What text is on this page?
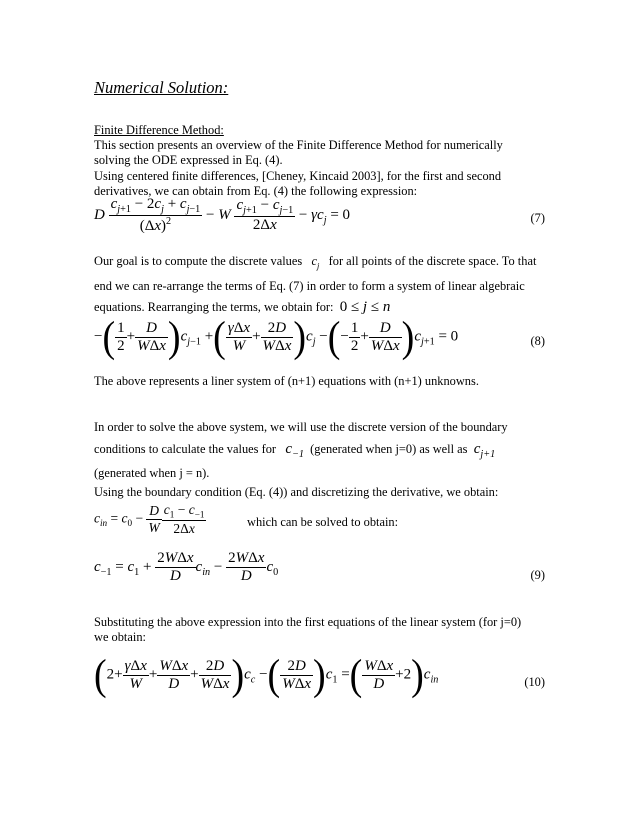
Numerical Solution:
Finite Difference Method:
This section presents an overview of the Finite Difference Method for numerically
solving the ODE expressed in Eq. (4).
Using centered finite differences, [Cheney, Kincaid 2003], for the first and second
derivatives, we can obtain from Eq. (4) the following expression:
D $\frac{c_{j+1} - 2c_j + c_{j-1}}{(\Delta x)^2} - W \frac{c_{j+1} - c_{j-1}}{2\Delta x} - \gamma c_j = 0$	(7)
Our goal is to compute the discrete values $c_j$ for all points of the discrete space. To that
end we can re-arrange the terms of Eq. (7) in order to form a system of linear algebraic
equations. Rearranging the terms, we obtain for: 0 ≤ j ≤ n
−( $\frac{1}{2} + \frac{D}{\text{WΔx}} )c_{j-1}$ +( $\frac{\text{γΔx}}{W} + \frac{2D}{\text{WΔx}} )c_j$ −(− $\frac{1}{2} + \frac{D}{\text{WΔx}} )c_{j+1} = 0$	(8)
The above represents a liner system of (n+1) equations with (n+1) unknowns.
In order to solve the above system, we will use the discrete version of the boundary
conditions to calculate the values for $c_{-1}$ (generated when j=0) as well as $c_{j+1}$
(generated when j = n).
Using the boundary condition (Eq. (4)) and discretizing the derivative, we obtain:
$c_{in} = c_0 - \frac{D}{W} \frac{c_1 - c_{-1}}{2\Delta x}$	which can be solved to obtain:
$c_{-1} = c_1 + \frac{\text{2WΔx}}{D} c_{in} - \frac{\text{2WΔx}}{D} c_0$	(9)
Substituting the above expression into the first equations of the linear system (for j=0)
we obtain:
$(2+ \frac{\text{γΔx}}{W} + \frac{\text{WΔx}}{D} + \frac{2D}{\text{WΔx}} )c_c$ −( $\frac{2D}{\text{WΔx}} )c_1$ =( $\frac{\text{WΔx}}{D} +2)c_{in}$	(10)
